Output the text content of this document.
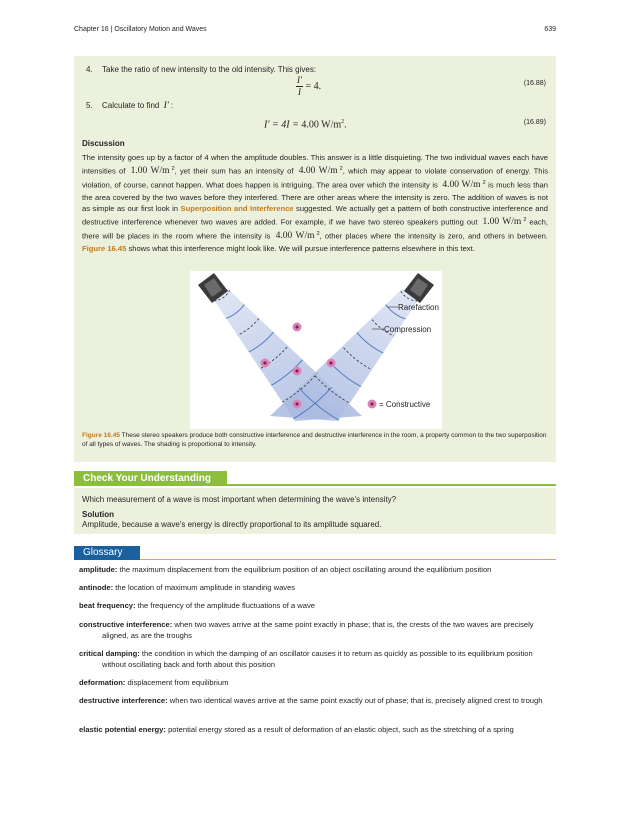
Chapter 16 | Oscillatory Motion and Waves	639
4. Take the ratio of new intensity to the old intensity. This gives:
$\frac{I'}{I} = 4$.	(16.88)
5. Calculate to find I′ :
I′ = 4I = 4.00 $W/m^2$.	(16.89)
Discussion
The intensity goes up by a factor of 4 when the amplitude doubles. This answer is a little disquieting. The two individual waves each have intensities of 1.00 W/m $^2$, yet their sum has an intensity of 4.00 W/m $^2$, which may appear to violate conservation of energy. This violation, of course, cannot happen. What does happen is intriguing. The area over which the intensity is 4.00 W/m $^2$ is much less than the area covered by the two waves before they interfered. There are other areas where the intensity is zero. The addition of waves is not as simple as our first look in Superposition and Interference suggested. We actually get a pattern of both constructive interference and destructive interference whenever two waves are added. For example, if we have two stereo speakers putting out 1.00 W/m $^2$ each, there will be places in the room where the intensity is 4.00 W/m $^2$, other places where the intensity is zero, and others in between. Figure 16.45 shows what this interference might look like. We will pursue interference patterns elsewhere in this text.
Rarefaction
Compression
= Constructive
Figure 16.45 These stereo speakers produce both constructive interference and destructive interference in the room, a property common to the two superposition of all types of waves. The shading is proportional to intensity.
Check Your Understanding
Which measurement of a wave is most important when determining the wave's intensity?
Solution
Amplitude, because a wave's energy is directly proportional to its amplitude squared.
Glossary
amplitude: the maximum displacement from the equilibrium position of an object oscillating around the equilibrium position
antinode: the location of maximum amplitude in standing waves
beat frequency: the frequency of the amplitude fluctuations of a wave
constructive interference: when two waves arrive at the same point exactly in phase; that is, the crests of the two waves are precisely aligned, as are the troughs
critical damping: the condition in which the damping of an oscillator causes it to return as quickly as possible to its equilibrium position without oscillating back and forth about this position
deformation: displacement from equilibrium
destructive interference: when two identical waves arrive at the same point exactly out of phase; that is, precisely aligned crest to trough
elastic potential energy: potential energy stored as a result of deformation of an elastic object, such as the stretching of a spring
